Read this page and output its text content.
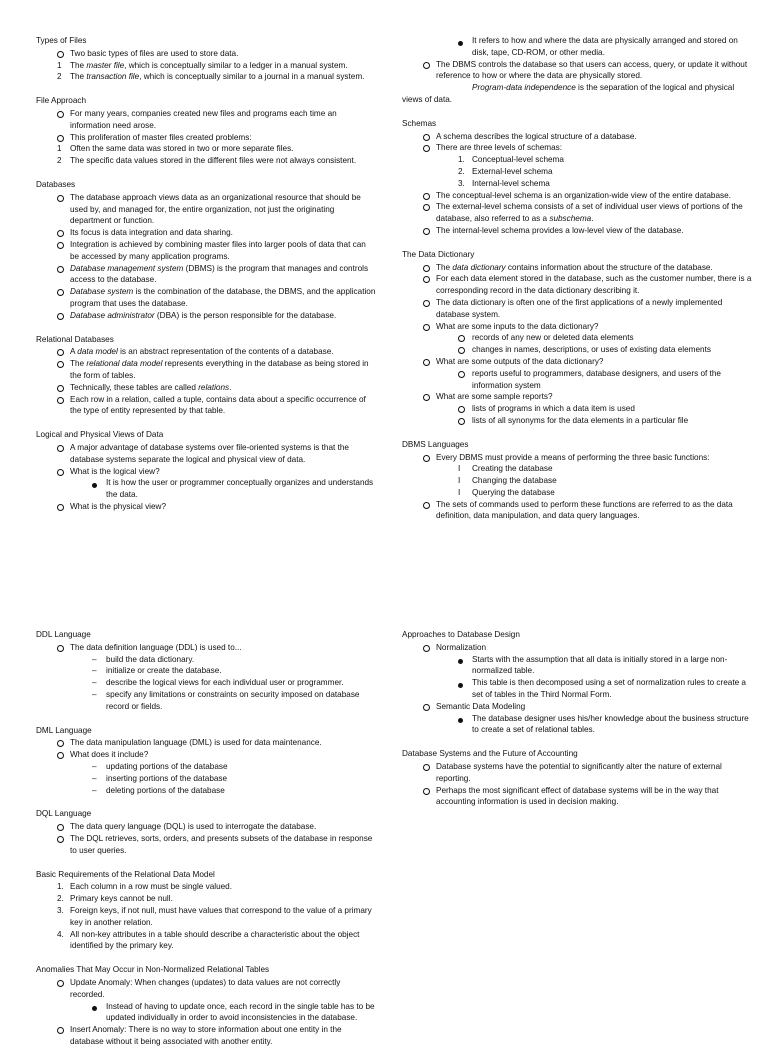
Types of Files
Two basic types of files are used to store data.
1	The master file, which is conceptually similar to a ledger in a manual system.
2	The transaction file, which is conceptually similar to a journal in a manual system.
File Approach
For many years, companies created new files and programs each time an information need arose.
This proliferation of master files created problems:
1	Often the same data was stored in two or more separate files.
2	The specific data values stored in the different files were not always consistent.
Databases
The database approach views data as an organizational resource that should be used by, and managed for, the entire organization, not just the originating department or function.
Its focus is data integration and data sharing.
Integration is achieved by combining master files into larger pools of data that can be accessed by many application programs.
Database management system (DBMS) is the program that manages and controls access to the database.
Database system is the combination of the database, the DBMS, and the application program that uses the database.
Database administrator (DBA) is the person responsible for the database.
Relational Databases
A data model is an abstract representation of the contents of a database.
The relational data model represents everything in the database as being stored in the form of tables.
Technically, these tables are called relations.
Each row in a relation, called a tuple, contains data about a specific occurrence of the type of entity represented by that table.
Logical and Physical Views of Data
A major advantage of database systems over file-oriented systems is that the database systems separate the logical and physical view of data.
What is the logical view?
It is how the user or programmer conceptually organizes and understands the data.
What is the physical view?
It refers to how and where the data are physically arranged and stored on disk, tape, CD-ROM, or other media.
The DBMS controls the database so that users can access, query, or update it without reference to how or where the data are physically stored.
Program-data independence is the separation of the logical and physical views of data.
Schemas
A schema describes the logical structure of a database.
There are three levels of schemas:
1. Conceptual-level schema
2. External-level schema
3. Internal-level schema
The conceptual-level schema is an organization-wide view of the entire database.
The external-level schema consists of a set of individual user views of portions of the database, also referred to as a subschema.
The internal-level schema provides a low-level view of the database.
The Data Dictionary
The data dictionary contains information about the structure of the database.
For each data element stored in the database, such as the customer number, there is a corresponding record in the data dictionary describing it.
The data dictionary is often one of the first applications of a newly implemented database system.
What are some inputs to the data dictionary?
records of any new or deleted data elements
changes in names, descriptions, or uses of existing data elements
What are some outputs of the data dictionary?
reports useful to programmers, database designers, and users of the information system
What are some sample reports?
lists of programs in which a data item is used
lists of all synonyms for the data elements in a particular file
DBMS Languages
Every DBMS must provide a means of performing the three basic functions:
I	Creating the database
I	Changing the database
I	Querying the database
The sets of commands used to perform these functions are referred to as the data definition, data manipulation, and data query languages.
DDL Language
The data definition language (DDL) is used to...
–	build the data dictionary.
–	initialize or create the database.
–	describe the logical views for each individual user or programmer.
–	specify any limitations or constraints on security imposed on database record or fields.
DML Language
The data manipulation language (DML) is used for data maintenance.
What does it include?
–	updating portions of the database
–	inserting portions of the database
–	deleting portions of the database
DQL Language
The data query language (DQL) is used to interrogate the database.
The DQL retrieves, sorts, orders, and presents subsets of the database in response to user queries.
Basic Requirements of the Relational Data Model
1. Each column in a row must be single valued.
2. Primary keys cannot be null.
3. Foreign keys, if not null, must have values that correspond to the value of a primary key in another relation.
4. All non-key attributes in a table should describe a characteristic about the object identified by the primary key.
Anomalies That May Occur in Non-Normalized Relational Tables
Update Anomaly: When changes (updates) to data values are not correctly recorded.
Instead of having to update once, each record in the single table has to be updated individually in order to avoid inconsistencies in the database.
Insert Anomaly: There is no way to store information about one entity in the database without it being associated with another entity.
Approaches to Database Design
Normalization
Starts with the assumption that all data is initially stored in a large non-normalized table.
This table is then decomposed using a set of normalization rules to create a set of tables in the Third Normal Form.
Semantic Data Modeling
The database designer uses his/her knowledge about the business structure to create a set of relational tables.
Database Systems and the Future of Accounting
Database systems have the potential to significantly alter the nature of external reporting.
Perhaps the most significant effect of database systems will be in the way that accounting information is used in decision making.
